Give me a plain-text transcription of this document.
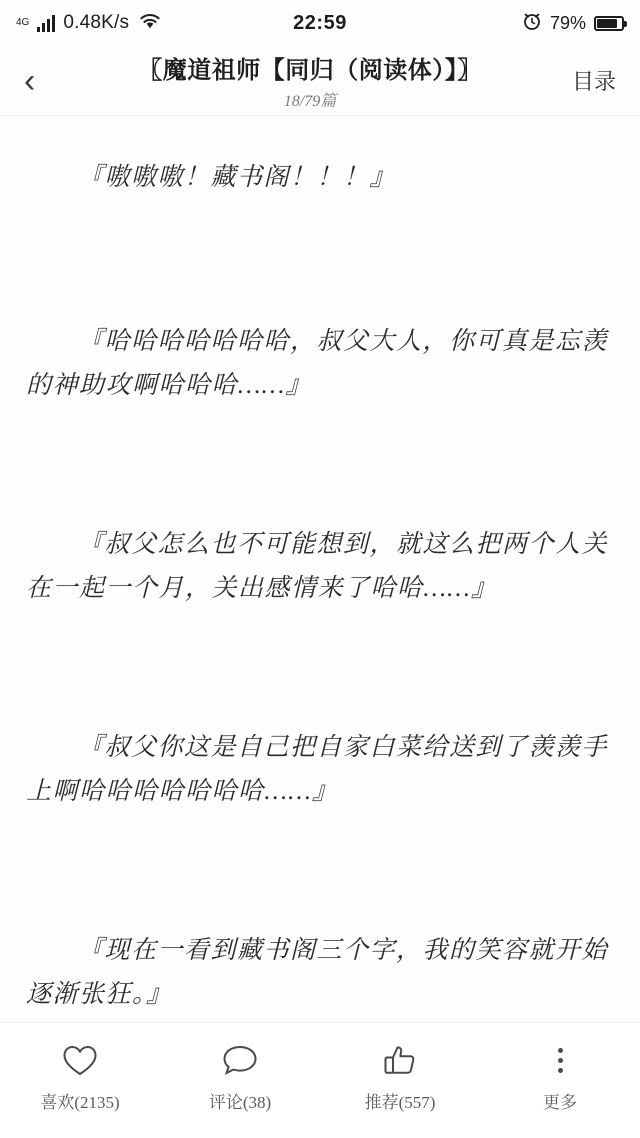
4G 0.48K/s	22:59	79%
‹	〖魔道祖师【同归（阅读体）】〗
18/79篇
目录

『嗷嗷嗷！藏书阁！！！』

『哈哈哈哈哈哈哈，叔父大人，你可真是忘羡的神助攻啊哈哈哈……』

『叔父怎么也不可能想到，就这么把两个人关在一起一个月，关出感情来了哈哈……』

『叔父你这是自己把自家白菜给送到了羡羡手上啊哈哈哈哈哈哈哈……』

『现在一看到藏书阁三个字，我的笑容就开始逐渐张狂。』

喜欢(2135)	评论(38)	推荐(557)	更多
